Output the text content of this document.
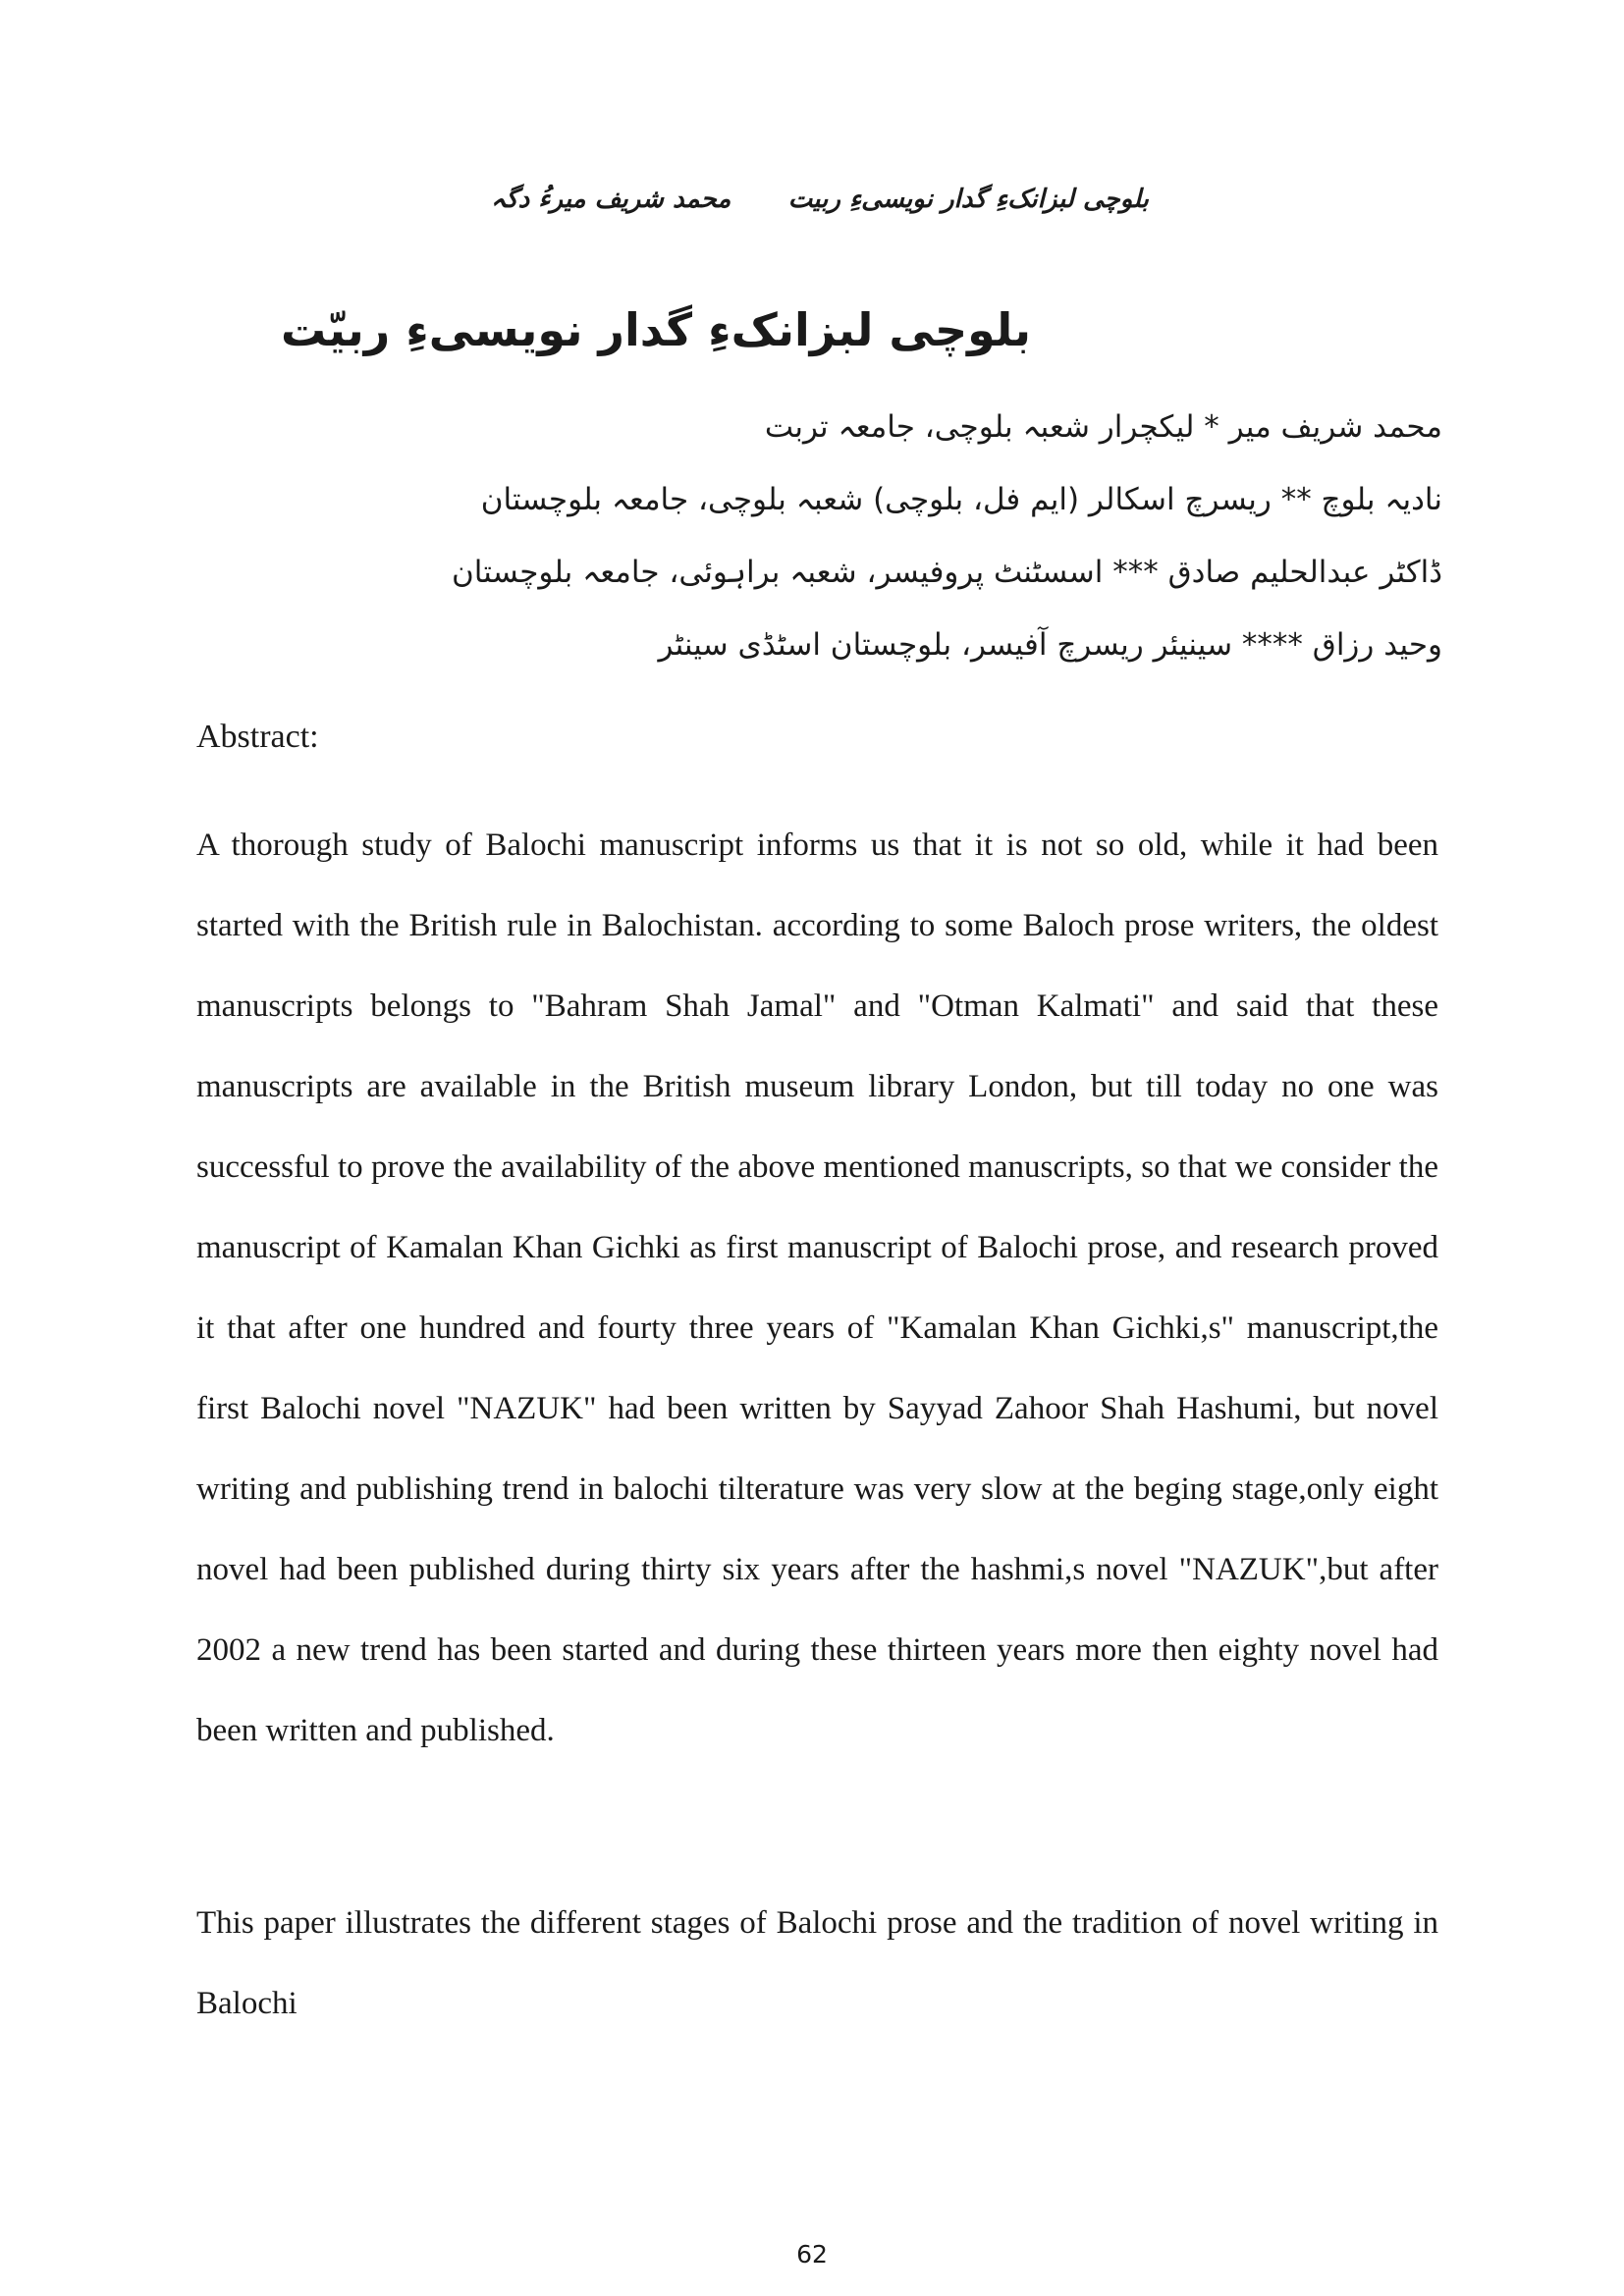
بلوچی لبزانکءِ گدار نویسیءِ ربیت
محمد شریف میرءُ دگہ
بلوچی لبزانکءِ گدار نویسیءِ ربیّت
محمد شریف میر * لیکچرار شعبہ بلوچی، جامعہ تربت
نادیہ بلوچ ** ریسرچ اسکالر (ایم فل، بلوچی) شعبہ بلوچی، جامعہ بلوچستان
ڈاکٹر عبدالحلیم صادق *** اسسٹنٹ پروفیسر، شعبہ براہوئی، جامعہ بلوچستان
وحید رزاق **** سینیئر ریسرچ آفیسر، بلوچستان اسٹڈی سینٹر
Abstract:

A thorough study of Balochi manuscript informs us that it is not so old, while it had been started with the British rule in Balochistan. according to some Baloch prose writers, the oldest manuscripts belongs to "Bahram Shah Jamal" and "Otman Kalmati" and said that these manuscripts are available in the British museum library London, but till today no one was successful to prove the availability of the above mentioned manuscripts, so that we consider the manuscript of Kamalan Khan Gichki as first manuscript of Balochi prose, and research proved it that after one hundred and fourty three years of "Kamalan Khan Gichki,s" manuscript,the first Balochi novel "NAZUK" had been written by Sayyad Zahoor Shah Hashumi, but novel writing and publishing trend in balochi tilterature was very slow at the beging stage,only eight novel had been published during thirty six years after the hashmi,s novel "NAZUK",but after 2002 a new trend has been started and during these thirteen years more then eighty novel had been written and published.

This paper illustrates the different stages of Balochi prose and the tradition of novel writing in Balochi

62
